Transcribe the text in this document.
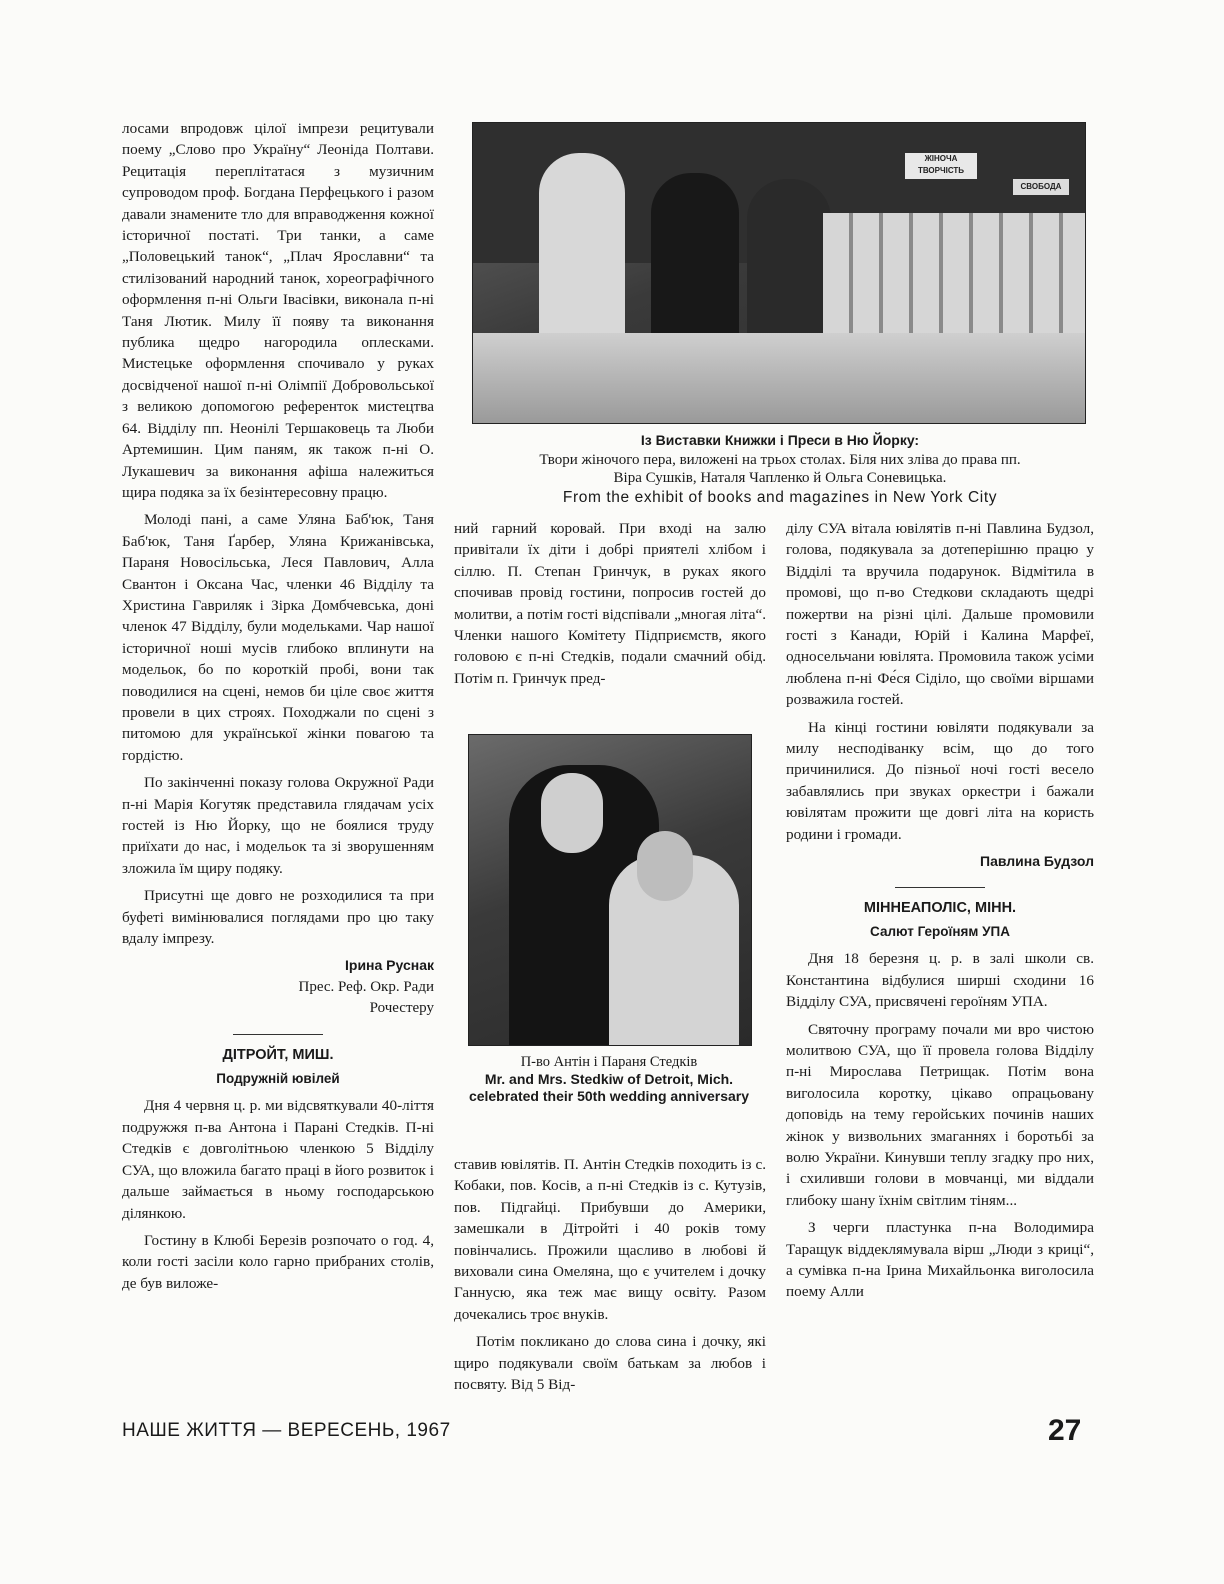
лосами впродовж цілої імпрези рецитували поему „Слово про Україну“ Леоніда Полтави. Рецитація переплітатася з музичним супроводом проф. Богдана Перфецького і разом давали знамените тло для вправодження кожної історичної постаті. Три танки, а саме „Половецький танок“, „Плач Ярославни“ та стилізований народний танок, хореографічного оформлення п-ні Ольги Івасівки, виконала п-ні Таня Лютик. Милу її появу та виконання публика щедро нагородила оплесками. Мистецьке оформлення спочивало у руках досвідченої нашої п-ні Олімпії Добровольської з великою допомогою референток мистецтва 64. Відділу пп. Неонілі Тершаковець та Люби Артемишин. Цим паням, як також п-ні О. Лукашевич за виконання афіша належиться щира подяка за їх безінтересовну працю.

Молоді пані, а саме Уляна Баб'юк, Таня Баб'юк, Таня Ґарбер, Уляна Крижанівська, Параня Новосільська, Леся Павлович, Алла Свантон і Оксана Час, членки 46 Відділу та Христина Гавриляк і Зірка Домбчевська, доні членок 47 Відділу, були модельками. Чар нашої історичної ноші мусів глибоко вплинути на модельок, бо по короткій пробі, вони так поводилися на сцені, немов би ціле своє життя провели в цих строях. Походжали по сцені з питомою для української жінки повагою та гордістю.

По закінченні показу голова Окружної Ради п-ні Марія Когутяк представила глядачам усіх гостей із Ню Йорку, що не боялися труду приїхати до нас, і модельок та зі зворушенням зложила їм щиру подяку.

Присутні ще довго не розходилися та при буфеті вимінювалися поглядами про цю таку вдалу імпрезу.

Ірина Руснак
Прес. Реф. Окр. Ради
Рочестеру
ДІТРОЙТ, МИШ.
Подружній ювілей

Дня 4 червня ц. р. ми відсвяткували 40-ліття подружжя п-ва Антона і Парані Стедків. П-ні Стедків є довголітньою членкою 5 Відділу СУА, що вложила багато праці в його розвиток і дальше займається в ньому господарською ділянкою.

Гостину в Клюбі Березів розпочато о год. 4, коли гості засіли коло гарно прибраних столів, де був виложе-

ЖІНОЧА ТВОРЧІСТЬ
СВОБОДА
Із Виставки Книжки і Преси в Ню Йорку:
Твори жіночого пера, виложені на трьох столах. Біля них зліва до права пп.
Віра Сушків, Наталя Чапленко й Ольга Соневицька.
From the exhibit of books and magazines in New York City

ний гарний коровай. При вході на залю привітали їх діти і добрі приятелі хлібом і сіллю. П. Степан Гринчук, в руках якого спочивав провід гостини, попросив гостей до молитви, а потім гості відспівали „многая літа“. Членки нашого Комітету Підприємств, якого головою є п-ні Стедків, подали смачний обід. Потім п. Гринчук пред-

П-во Антін і Параня Стедків
Mr. and Mrs. Stedkiw of Detroit, Mich. celebrated their 50th wedding anniversary

ставив ювілятів. П. Антін Стедків походить із с. Кобаки, пов. Косів, а п-ні Стедків із с. Кутузів, пов. Підгайці. Прибувши до Америки, замешкали в Дітройті і 40 років тому повінчались. Прожили щасливо в любові й виховали сина Омеляна, що є учителем і дочку Ганнусю, яка теж має вищу освіту. Разом дочекались троє внуків.

Потім покликано до слова сина і дочку, які щиро подякували своїм батькам за любов і посвяту. Від 5 Від-

ділу СУА вітала ювілятів п-ні Павлина Будзол, голова, подякувала за дотеперішню працю у Відділі та вручила подарунок. Відмітила в промові, що п-во Стедкови складають щедрі пожертви на різні цілі. Дальше промовили гості з Канади, Юрій і Калина Марфеї, односельчани ювілята. Промовила також усіми люблена п-ні Фе́ся Сіділо, що своїми віршами розважила гостей.

На кінці гостини ювіляти подякували за милу несподіванку всім, що до того причинилися. До пізньої ночі гості весело забавлялись при звуках оркестри і бажали ювілятам прожити ще довгі літа на користь родини і громади.

Павлина Будзол
МІННЕАПОЛІС, МІНН.
Салют Героїням УПА

Дня 18 березня ц. р. в залі школи св. Константина відбулися ширші сходини 16 Відділу СУА, присвячені героїням УПА.

Святочну програму почали ми вро чистою молитвою СУА, що її провела голова Відділу п-ні Мирослава Петрищак. Потім вона виголосила коротку, цікаво опрацьовану доповідь на тему геройських починів наших жінок у визвольних змаганнях і боротьбі за волю України. Кинувши теплу згадку про них, і схиливши голови в мовчанці, ми віддали глибоку шану їхнім світлим тіням...

З черги пластунка п-на Володимира Таращук віддеклямувала вірш „Люди з криці“, а сумівка п-на Ірина Михайльонка виголосила поему Алли

НАШЕ ЖИТТЯ — ВЕРЕСЕНЬ, 1967	27
